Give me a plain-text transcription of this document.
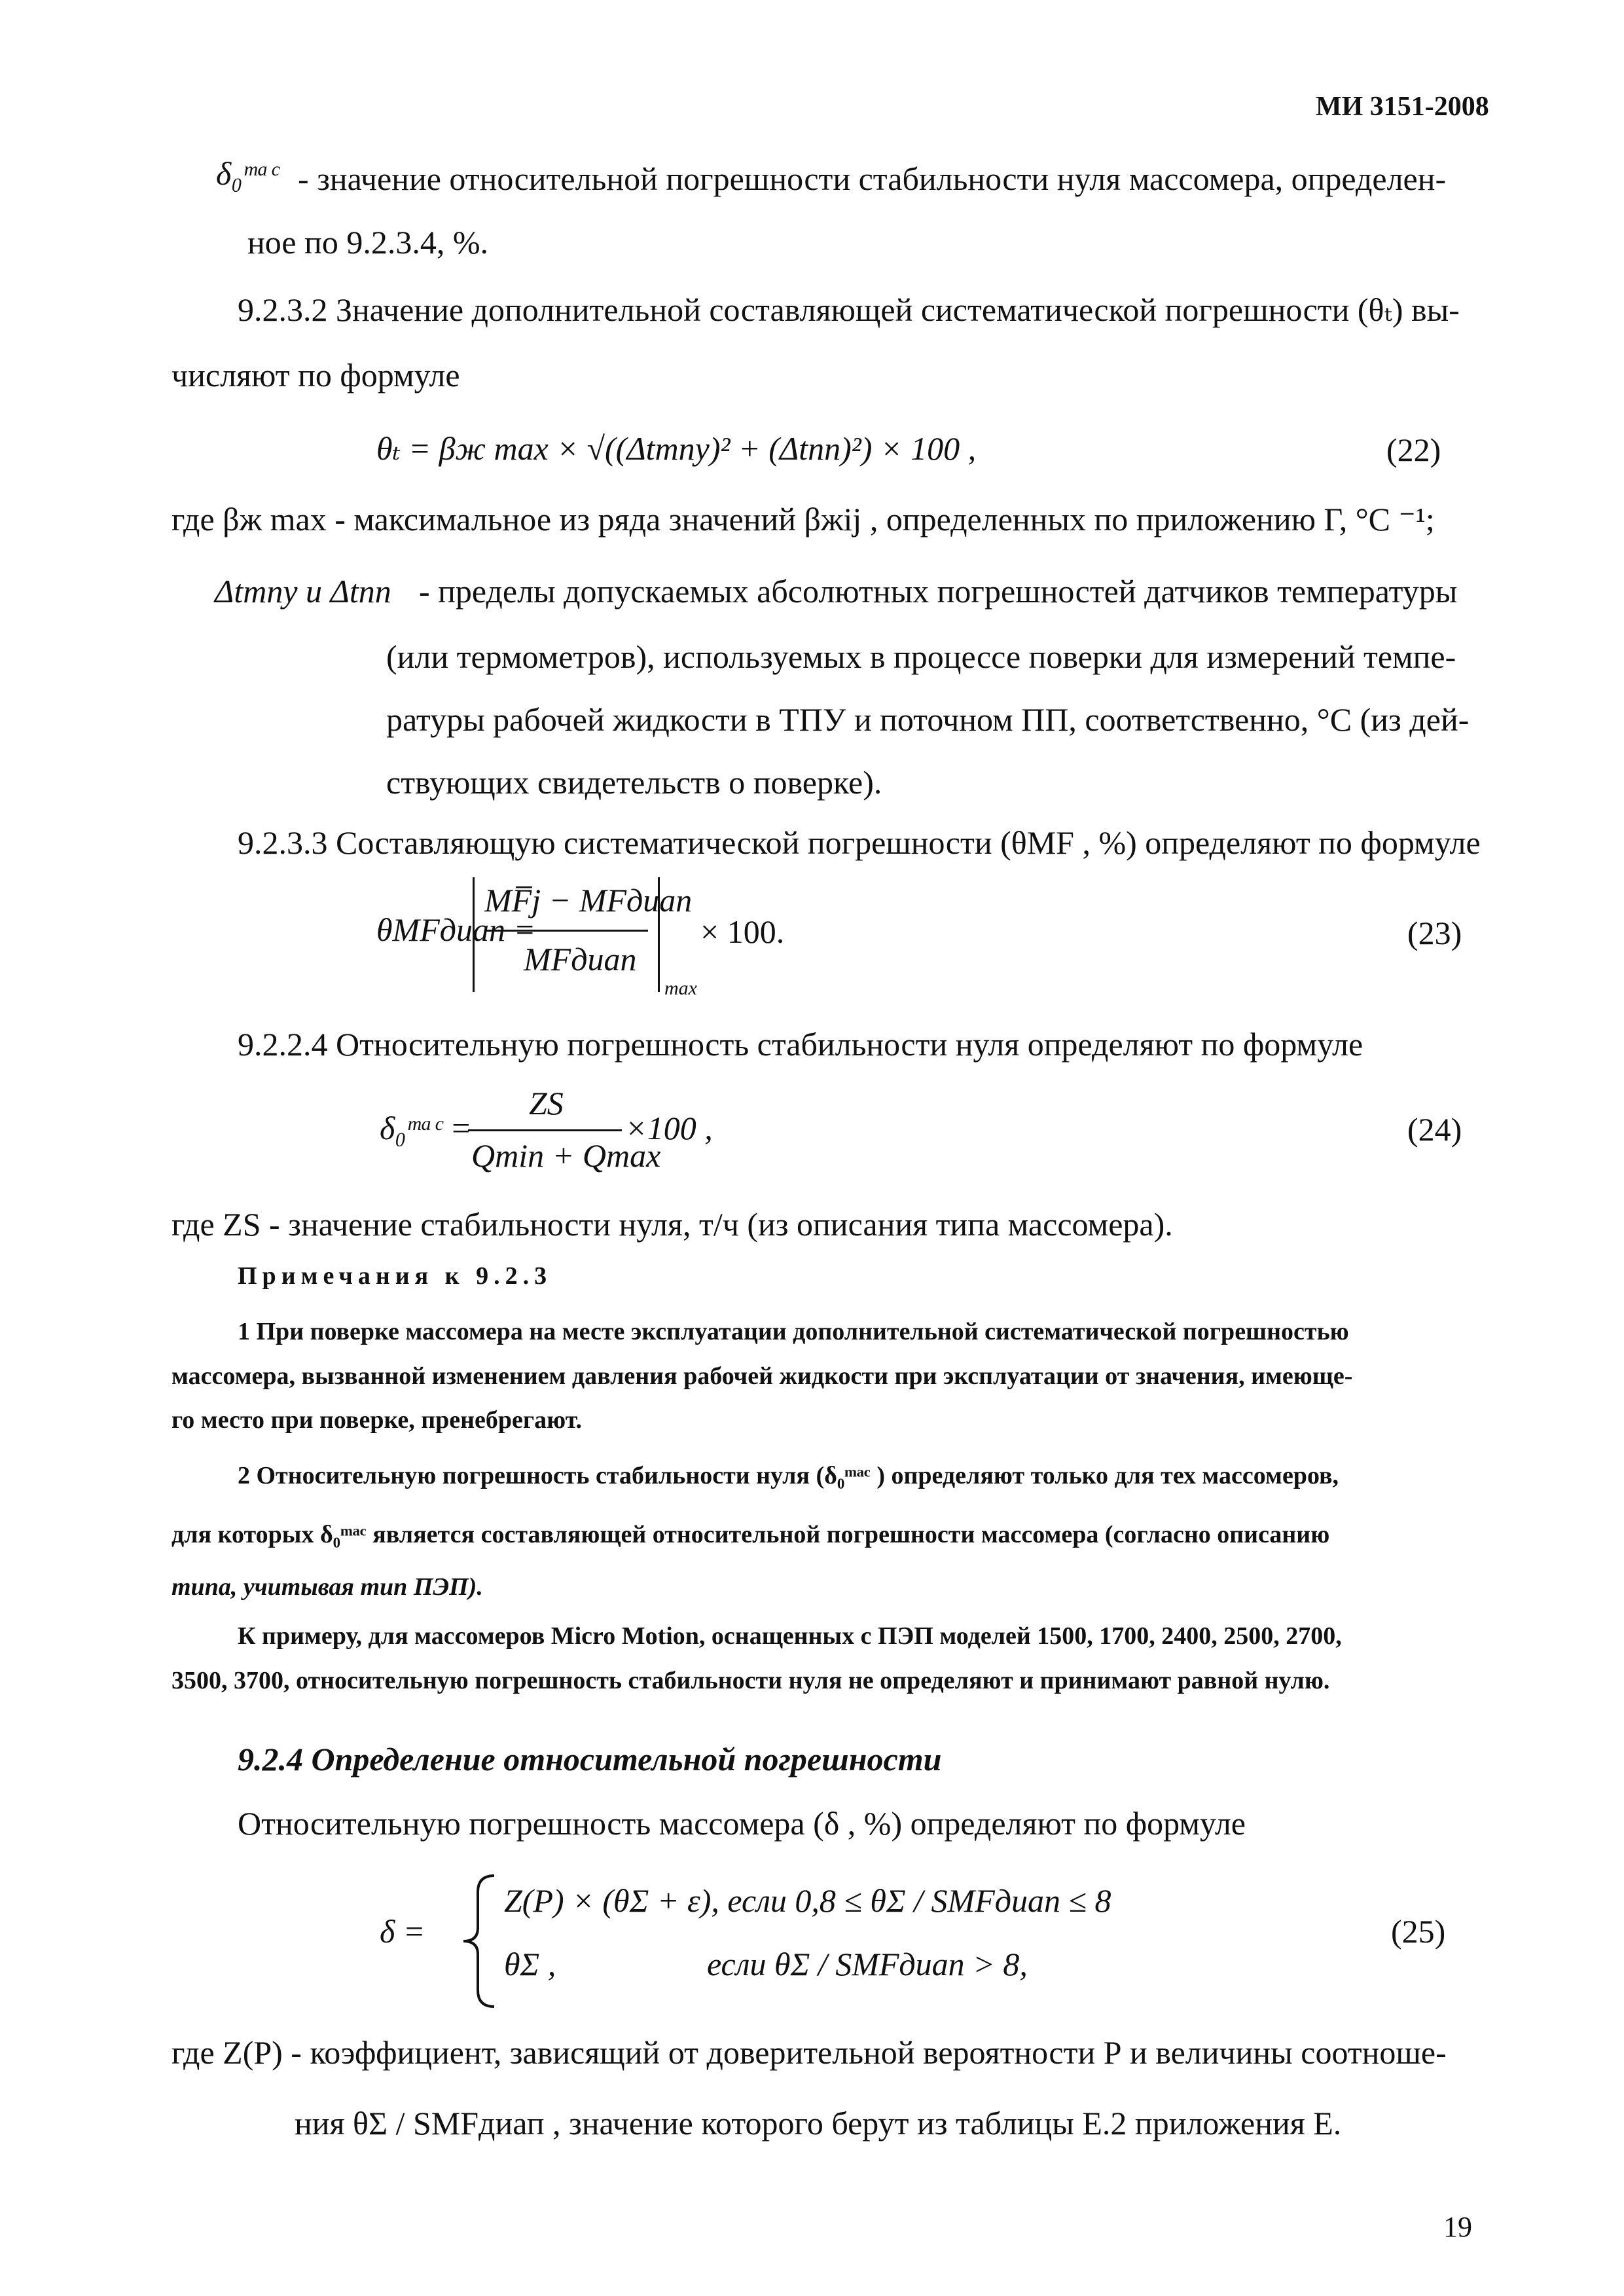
МИ 3151-2008
δ₀ᵐᵃᶜ - значение относительной погрешности стабильности нуля массомера, определен-
ное по 9.2.3.4, %.
9.2.3.2 Значение дополнительной составляющей систематической погрешности (θₜ) вы-
числяют по формуле
θₜ = βж max × √((Δtтпу)² + (Δtпп)²) × 100 ,	(22)
где βж max - максимальное из ряда значений βжij , определенных по приложению Г, °С ⁻¹;
Δtтпу и Δtпп - пределы допускаемых абсолютных погрешностей датчиков температуры
(или термометров), используемых в процессе поверки для измерений темпе-
ратуры рабочей жидкости в ТПУ и поточном ПП, соответственно, °С (из дей-
ствующих свидетельств о поверке).
9.2.3.3 Составляющую систематической погрешности (θMF , %) определяют по формуле
θMFдиап =
MF̅j − MFдиап
MFдиап
max
× 100.	(23)
9.2.2.4 Относительную погрешность стабильности нуля определяют по формуле
δ₀ᵐᵃᶜ =
ZS
Qmin + Qmax
×100 ,	(24)
где ZS - значение стабильности нуля, т/ч (из описания типа массомера).
Примечания к 9.2.3
1 При поверке массомера на месте эксплуатации дополнительной систематической погрешностью
массомера, вызванной изменением давления рабочей жидкости при эксплуатации от значения, имеюще-
го место при поверке, пренебрегают.
2 Относительную погрешность стабильности нуля (δ₀ᵐᵃᶜ ) определяют только для тех массомеров,
для которых δ₀ᵐᵃᶜ является составляющей относительной погрешности массомера (согласно описанию
типа, учитывая тип ПЭП).
К примеру, для массомеров Micro Motion, оснащенных с ПЭП моделей 1500, 1700, 2400, 2500, 2700,
3500, 3700, относительную погрешность стабильности нуля не определяют и принимают равной нулю.
9.2.4 Определение относительной погрешности
Относительную погрешность массомера (δ , %) определяют по формуле
δ =
Z(P) × (θΣ + ε), если 0,8 ≤ θΣ / SMFдиап ≤ 8
θΣ ,	если θΣ / SMFдиап > 8,
(25)
где Z(P) - коэффициент, зависящий от доверительной вероятности Р и величины соотноше-
ния θΣ / SMFдиап , значение которого берут из таблицы Е.2 приложения Е.
19
